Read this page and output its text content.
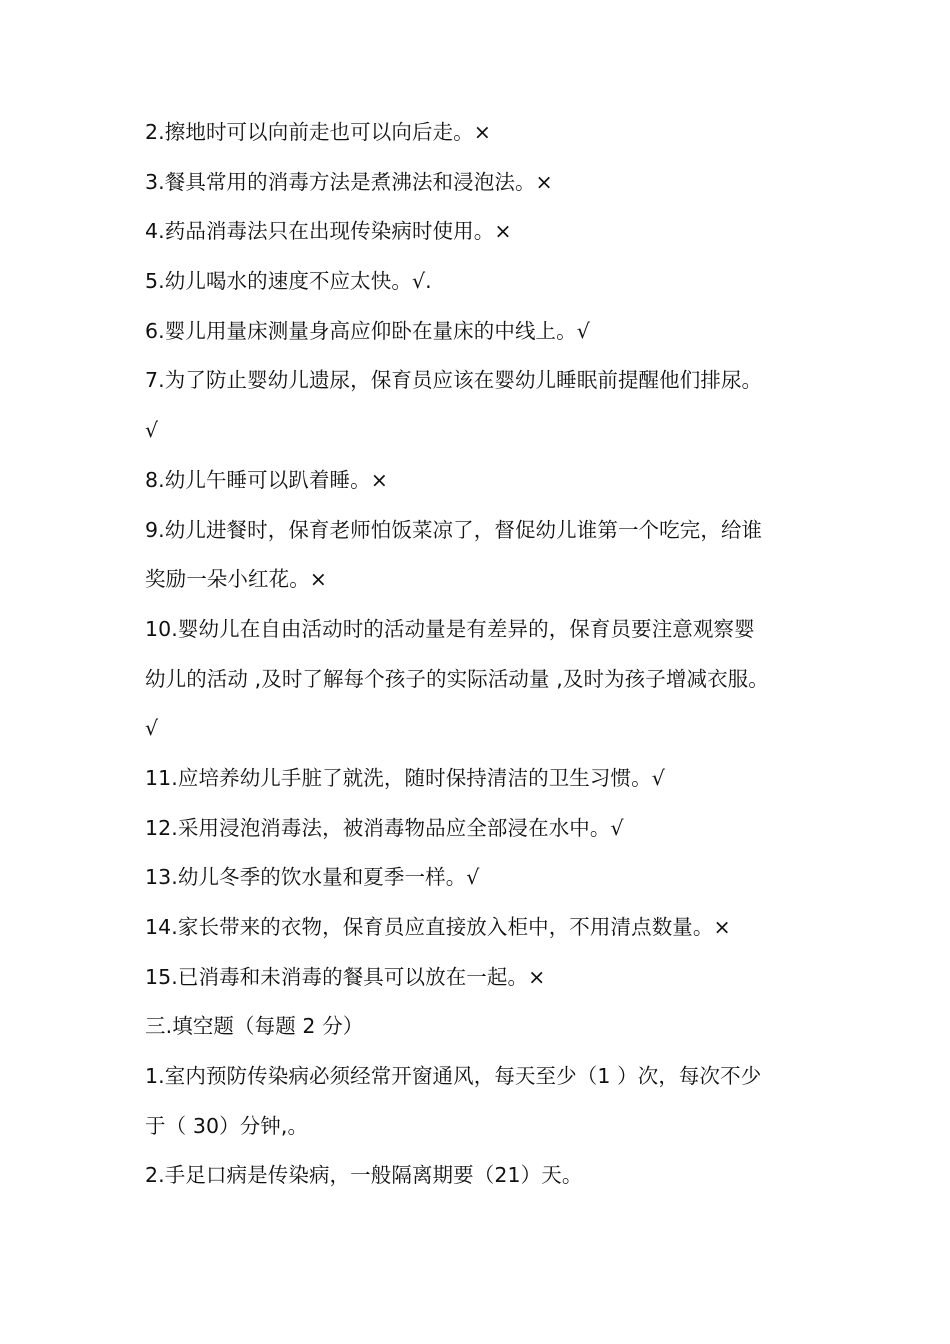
2.擦地时可以向前走也可以向后走。×
3.餐具常用的消毒方法是煮沸法和浸泡法。×
4.药品消毒法只在出现传染病时使用。×
5.幼儿喝水的速度不应太快。√.
6.婴儿用量床测量身高应仰卧在量床的中线上。√
7.为了防止婴幼儿遗尿，保育员应该在婴幼儿睡眠前提醒他们排尿。
√
8.幼儿午睡可以趴着睡。×
9.幼儿进餐时，保育老师怕饭菜凉了，督促幼儿谁第一个吃完，给谁
奖励一朵小红花。×
10.婴幼儿在自由活动时的活动量是有差异的，保育员要注意观察婴
幼儿的活动 ,及时了解每个孩子的实际活动量 ,及时为孩子增减衣服。
√
11.应培养幼儿手脏了就洗，随时保持清洁的卫生习惯。√
12.采用浸泡消毒法，被消毒物品应全部浸在水中。√
13.幼儿冬季的饮水量和夏季一样。√
14.家长带来的衣物，保育员应直接放入柜中，不用清点数量。×
15.已消毒和未消毒的餐具可以放在一起。×
三.填空题（每题 2 分）
1.室内预防传染病必须经常开窗通风，每天至少（1 ）次，每次不少
于（ 30）分钟,。
2.手足口病是传染病，一般隔离期要（21）天。
